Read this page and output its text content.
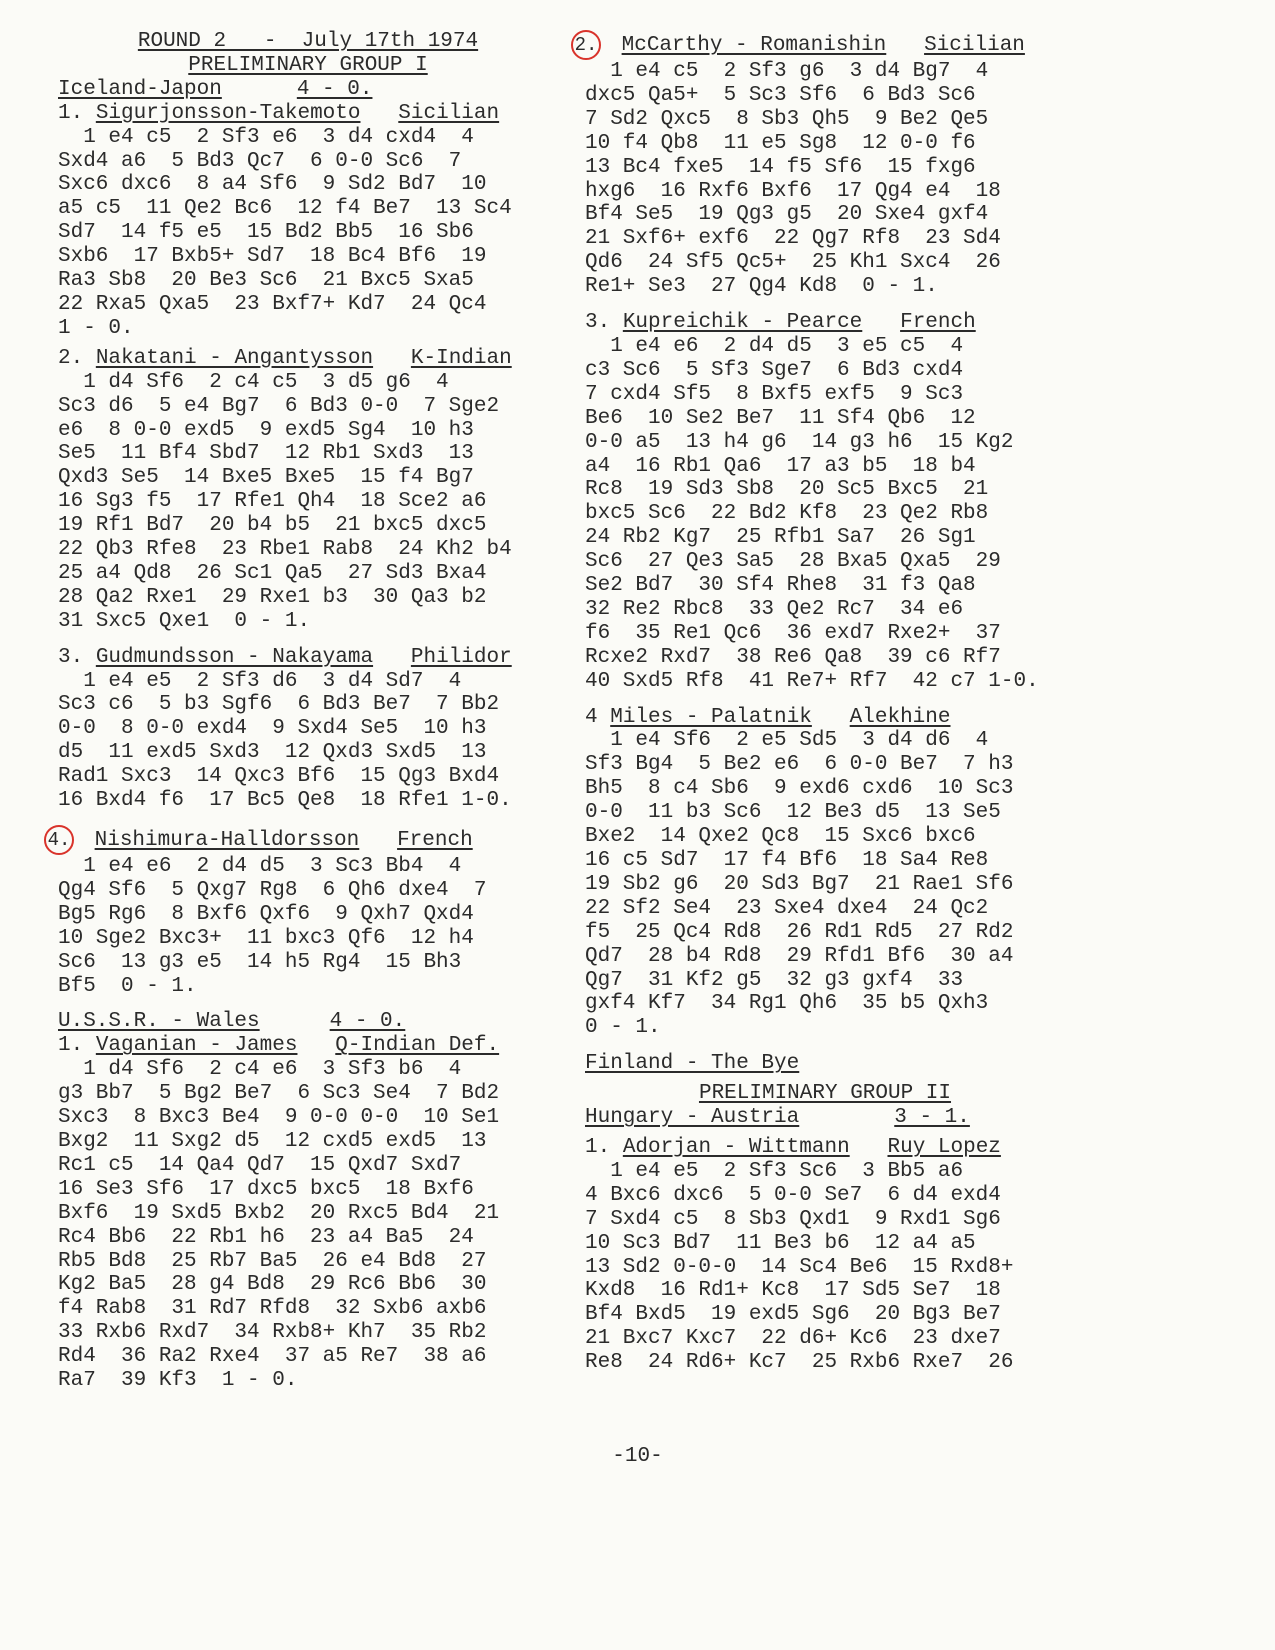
ROUND 2   -  July 17th 1974
PRELIMINARY GROUP I
Iceland-Japon	4 - 0.
1. Sigurjonsson-Takemoto Sicilian
1 e4 c5  2 Sf3 e6  3 d4 cxd4  4
Sxd4 a6  5 Bd3 Qc7  6 0-0 Sc6  7
Sxc6 dxc6  8 a4 Sf6  9 Sd2 Bd7  10
a5 c5  11 Qe2 Bc6  12 f4 Be7  13 Sc4
Sd7  14 f5 e5  15 Bd2 Bb5  16 Sb6
Sxb6  17 Bxb5+ Sd7  18 Bc4 Bf6  19
Ra3 Sb8  20 Be3 Sc6  21 Bxc5 Sxa5
22 Rxa5 Qxa5  23 Bxf7+ Kd7  24 Qc4
1 - 0.
2. Nakatani - Angantysson K-Indian
1 d4 Sf6  2 c4 c5  3 d5 g6  4
Sc3 d6  5 e4 Bg7  6 Bd3 0-0  7 Sge2
e6  8 0-0 exd5  9 exd5 Sg4  10 h3
Se5  11 Bf4 Sbd7  12 Rb1 Sxd3  13
Qxd3 Se5  14 Bxe5 Bxe5  15 f4 Bg7
16 Sg3 f5  17 Rfe1 Qh4  18 Sce2 a6
19 Rf1 Bd7  20 b4 b5  21 bxc5 dxc5
22 Qb3 Rfe8  23 Rbe1 Rab8  24 Kh2 b4
25 a4 Qd8  26 Sc1 Qa5  27 Sd3 Bxa4
28 Qa2 Rxe1  29 Rxe1 b3  30 Qa3 b2
31 Sxc5 Qxe1  0 - 1.
3. Gudmundsson - Nakayama Philidor
1 e4 e5  2 Sf3 d6  3 d4 Sd7  4
Sc3 c6  5 b3 Sgf6  6 Bd3 Be7  7 Bb2
0-0  8 0-0 exd4  9 Sxd4 Se5  10 h3
d5  11 exd5 Sxd3  12 Qxd3 Sxd5  13
Rad1 Sxc3  14 Qxc3 Bf6  15 Qg3 Bxd4
16 Bxd4 f6  17 Bc5 Qe8  18 Rfe1 1-0.
4. Nishimura-Halldorsson French
1 e4 e6  2 d4 d5  3 Sc3 Bb4  4
Qg4 Sf6  5 Qxg7 Rg8  6 Qh6 dxe4  7
Bg5 Rg6  8 Bxf6 Qxf6  9 Qxh7 Qxd4
10 Sge2 Bxc3+  11 bxc3 Qf6  12 h4
Sc6  13 g3 e5  14 h5 Rg4  15 Bh3
Bf5  0 - 1.
U.S.S.R. - Wales	4 - 0.
1. Vaganian - James Q-Indian Def.
1 d4 Sf6  2 c4 e6  3 Sf3 b6  4
g3 Bb7  5 Bg2 Be7  6 Sc3 Se4  7 Bd2
Sxc3  8 Bxc3 Be4  9 0-0 0-0  10 Se1
Bxg2  11 Sxg2 d5  12 cxd5 exd5  13
Rc1 c5  14 Qa4 Qd7  15 Qxd7 Sxd7
16 Se3 Sf6  17 dxc5 bxc5  18 Bxf6
Bxf6  19 Sxd5 Bxb2  20 Rxc5 Bd4  21
Rc4 Bb6  22 Rb1 h6  23 a4 Ba5  24
Rb5 Bd8  25 Rb7 Ba5  26 e4 Bd8  27
Kg2 Ba5  28 g4 Bd8  29 Rc6 Bb6  30
f4 Rab8  31 Rd7 Rfd8  32 Sxb6 axb6
33 Rxb6 Rxd7  34 Rxb8+ Kh7  35 Rb2
Rd4  36 Ra2 Rxe4  37 a5 Re7  38 a6
Ra7  39 Kf3  1 - 0.
2. McCarthy - Romanishin Sicilian
1 e4 c5  2 Sf3 g6  3 d4 Bg7  4
dxc5 Qa5+  5 Sc3 Sf6  6 Bd3 Sc6
7 Sd2 Qxc5  8 Sb3 Qh5  9 Be2 Qe5
10 f4 Qb8  11 e5 Sg8  12 0-0 f6
13 Bc4 fxe5  14 f5 Sf6  15 fxg6
hxg6  16 Rxf6 Bxf6  17 Qg4 e4  18
Bf4 Se5  19 Qg3 g5  20 Sxe4 gxf4
21 Sxf6+ exf6  22 Qg7 Rf8  23 Sd4
Qd6  24 Sf5 Qc5+  25 Kh1 Sxc4  26
Re1+ Se3  27 Qg4 Kd8  0 - 1.
3. Kupreichik - Pearce French
1 e4 e6  2 d4 d5  3 e5 c5  4
c3 Sc6  5 Sf3 Sge7  6 Bd3 cxd4
7 cxd4 Sf5  8 Bxf5 exf5  9 Sc3
Be6  10 Se2 Be7  11 Sf4 Qb6  12
0-0 a5  13 h4 g6  14 g3 h6  15 Kg2
a4  16 Rb1 Qa6  17 a3 b5  18 b4
Rc8  19 Sd3 Sb8  20 Sc5 Bxc5  21
bxc5 Sc6  22 Bd2 Kf8  23 Qe2 Rb8
24 Rb2 Kg7  25 Rfb1 Sa7  26 Sg1
Sc6  27 Qe3 Sa5  28 Bxa5 Qxa5  29
Se2 Bd7  30 Sf4 Rhe8  31 f3 Qa8
32 Re2 Rbc8  33 Qe2 Rc7  34 e6
f6  35 Re1 Qc6  36 exd7 Rxe2+  37
Rcxe2 Rxd7  38 Re6 Qa8  39 c6 Rf7
40 Sxd5 Rf8  41 Re7+ Rf7  42 c7 1-0.
4 Miles - Palatnik Alekhine
1 e4 Sf6  2 e5 Sd5  3 d4 d6  4
Sf3 Bg4  5 Be2 e6  6 0-0 Be7  7 h3
Bh5  8 c4 Sb6  9 exd6 cxd6  10 Sc3
0-0  11 b3 Sc6  12 Be3 d5  13 Se5
Bxe2  14 Qxe2 Qc8  15 Sxc6 bxc6
16 c5 Sd7  17 f4 Bf6  18 Sa4 Re8
19 Sb2 g6  20 Sd3 Bg7  21 Rae1 Sf6
22 Sf2 Se4  23 Sxe4 dxe4  24 Qc2
f5  25 Qc4 Rd8  26 Rd1 Rd5  27 Rd2
Qd7  28 b4 Rd8  29 Rfd1 Bf6  30 a4
Qg7  31 Kf2 g5  32 g3 gxf4  33
gxf4 Kf7  34 Rg1 Qh6  35 b5 Qxh3
0 - 1.
Finland - The Bye
PRELIMINARY GROUP II
Hungary - Austria	3 - 1.
1. Adorjan - Wittmann Ruy Lopez
1 e4 e5  2 Sf3 Sc6  3 Bb5 a6
4 Bxc6 dxc6  5 0-0 Se7  6 d4 exd4
7 Sxd4 c5  8 Sb3 Qxd1  9 Rxd1 Sg6
10 Sc3 Bd7  11 Be3 b6  12 a4 a5
13 Sd2 0-0-0  14 Sc4 Be6  15 Rxd8+
Kxd8  16 Rd1+ Kc8  17 Sd5 Se7  18
Bf4 Bxd5  19 exd5 Sg6  20 Bg3 Be7
21 Bxc7 Kxc7  22 d6+ Kc6  23 dxe7
Re8  24 Rd6+ Kc7  25 Rxb6 Rxe7  26
-10-
